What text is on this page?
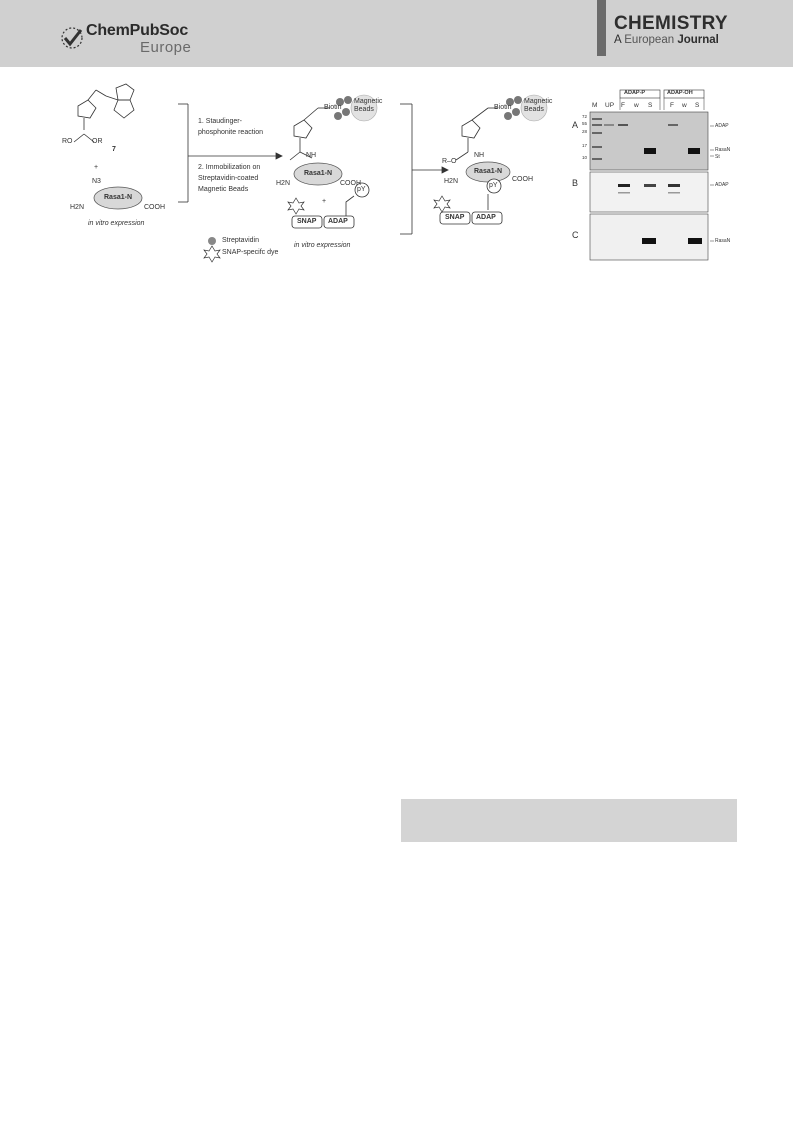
ChemPubSoc
Europe
CHEMISTRY
A European Journal
RO	OR
7
+
N3
H2N
Rasa1-N
COOH
in vitro expression
1. Staudinger-phosphonite reaction
2. Immobilization on Streptavidin-coated Magnetic Beads
Streptavidin
SNAP-specifc dye
Biotin
Magnetic Beads
NH
H2N
Rasa1-N
COOH
+
pY
SNAP ADAP
in vitro expression
Biotin
Magnetic Beads
NH
R–O
H2N
Rasa1-N
COOH
pY
SNAP ADAP
ADAP-P	ADAP-OH
M UP F w S	F w S
A
B
C
72
55
28
17
10
ADAP
RasaN
St
ADAP
RasaN
